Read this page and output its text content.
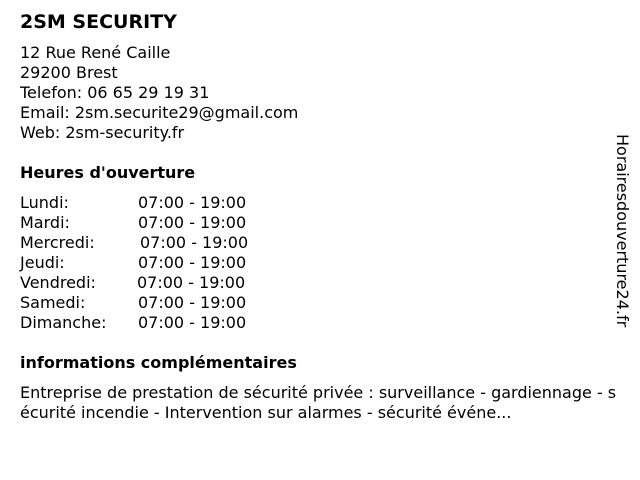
2SM SECURITY
12 Rue René Caille
29200 Brest
Telefon: 06 65 29 19 31
Email: 2sm.securite29@gmail.com
Web: 2sm-security.fr
Heures d'ouverture
Lundi:	07:00 - 19:00
Mardi:	07:00 - 19:00
Mercredi:	07:00 - 19:00
Jeudi:	07:00 - 19:00
Vendredi:	07:00 - 19:00
Samedi:	07:00 - 19:00
Dimanche: 07:00 - 19:00
informations complémentaires
Entreprise de prestation de sécurité privée : surveillance - gardiennage - sécurité incendie - Intervention sur alarmes - sécurité événe...
Horairesdouverture24.fr
